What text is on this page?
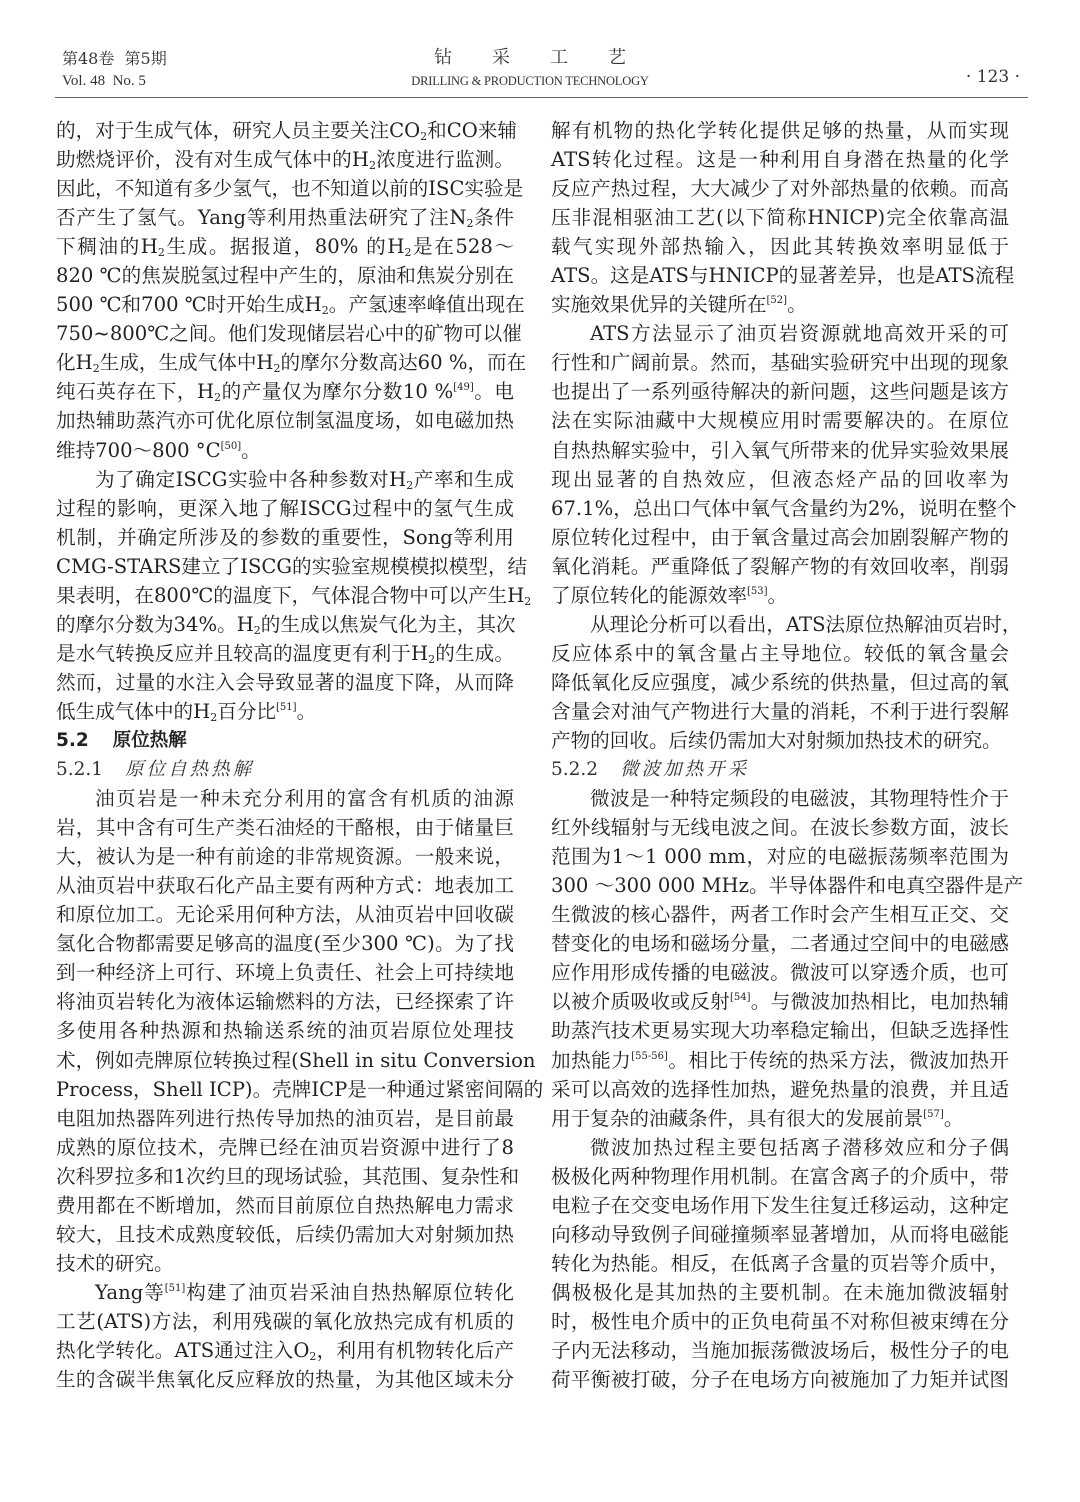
第48卷 第5期
Vol. 48 No. 5
钻采工艺
DRILLING & PRODUCTION TECHNOLOGY	· 123 ·
的，对于生成气体，研究人员主要关注$CO_2$和CO来辅
助燃烧评价，没有对生成气体中的$H_2$浓度进行监测。
因此，不知道有多少氢气，也不知道以前的ISC实验是
否产生了氢气。Yang等利用热重法研究了注$N_2$条件
下稠油的$H_2$生成。据报道，80% 的$H_2$是在528～
820 ℃的焦炭脱氢过程中产生的，原油和焦炭分别在
500 ℃和700 ℃时开始生成$H_2$。产氢速率峰值出现在
750~800℃之间。他们发现储层岩心中的矿物可以催
化$H_2$生成，生成气体中$H_2$的摩尔分数高达60 %，而在
纯石英存在下，$H_2$的产量仅为摩尔分数10 %[49]。电
加热辅助蒸汽亦可优化原位制氢温度场，如电磁加热
维持700～800 °C[50]。
为了确定ISCG实验中各种参数对$H_2$产率和生成
过程的影响，更深入地了解ISCG过程中的氢气生成
机制，并确定所涉及的参数的重要性，Song等利用
CMG-STARS建立了ISCG的实验室规模模拟模型，结
果表明，在800℃的温度下，气体混合物中可以产生$H_2$
的摩尔分数为34%。$H_2$的生成以焦炭气化为主，其次
是水气转换反应并且较高的温度更有利于$H_2$的生成。
然而，过量的水注入会导致显著的温度下降，从而降
低生成气体中的$H_2$百分比[51]。
5.2 原位热解
5.2.1 原位自热热解
油页岩是一种未充分利用的富含有机质的油源
岩，其中含有可生产类石油烃的干酪根，由于储量巨
大，被认为是一种有前途的非常规资源。一般来说，
从油页岩中获取石化产品主要有两种方式：地表加工
和原位加工。无论采用何种方法，从油页岩中回收碳
氢化合物都需要足够高的温度(至少300 ℃)。为了找
到一种经济上可行、环境上负责任、社会上可持续地
将油页岩转化为液体运输燃料的方法，已经探索了许
多使用各种热源和热输送系统的油页岩原位处理技
术，例如壳牌原位转换过程(Shell in situ Conversion
Process，Shell ICP)。壳牌ICP是一种通过紧密间隔的
电阻加热器阵列进行热传导加热的油页岩，是目前最
成熟的原位技术，壳牌已经在油页岩资源中进行了8
次科罗拉多和1次约旦的现场试验，其范围、复杂性和
费用都在不断增加，然而目前原位自热热解电力需求
较大，且技术成熟度较低，后续仍需加大对射频加热
技术的研究。
Yang等[51]构建了油页岩采油自热热解原位转化
工艺(ATS)方法，利用残碳的氧化放热完成有机质的
热化学转化。ATS通过注入$O_2$，利用有机物转化后产
生的含碳半焦氧化反应释放的热量，为其他区域未分
解有机物的热化学转化提供足够的热量，从而实现
ATS转化过程。这是一种利用自身潜在热量的化学
反应产热过程，大大减少了对外部热量的依赖。而高
压非混相驱油工艺(以下简称HNICP)完全依靠高温
载气实现外部热输入，因此其转换效率明显低于
ATS。这是ATS与HNICP的显著差异，也是ATS流程
实施效果优异的关键所在[52]。
ATS方法显示了油页岩资源就地高效开采的可
行性和广阔前景。然而，基础实验研究中出现的现象
也提出了一系列亟待解决的新问题，这些问题是该方
法在实际油藏中大规模应用时需要解决的。在原位
自热热解实验中，引入氧气所带来的优异实验效果展
现出显著的自热效应，但液态烃产品的回收率为
67.1%，总出口气体中氧气含量约为2%，说明在整个
原位转化过程中，由于氧含量过高会加剧裂解产物的
氧化消耗。严重降低了裂解产物的有效回收率，削弱
了原位转化的能源效率[53]。
从理论分析可以看出，ATS法原位热解油页岩时，
反应体系中的氧含量占主导地位。较低的氧含量会
降低氧化反应强度，减少系统的供热量，但过高的氧
含量会对油气产物进行大量的消耗，不利于进行裂解
产物的回收。后续仍需加大对射频加热技术的研究。
5.2.2 微波加热开采
微波是一种特定频段的电磁波，其物理特性介于
红外线辐射与无线电波之间。在波长参数方面，波长
范围为1～1 000 mm，对应的电磁振荡频率范围为
300 ～300 000 MHz。半导体器件和电真空器件是产
生微波的核心器件，两者工作时会产生相互正交、交
替变化的电场和磁场分量，二者通过空间中的电磁感
应作用形成传播的电磁波。微波可以穿透介质，也可
以被介质吸收或反射[54]。与微波加热相比，电加热辅
助蒸汽技术更易实现大功率稳定输出，但缺乏选择性
加热能力[55-56]。相比于传统的热采方法，微波加热开
采可以高效的选择性加热，避免热量的浪费，并且适
用于复杂的油藏条件，具有很大的发展前景[57]。
微波加热过程主要包括离子潜移效应和分子偶
极极化两种物理作用机制。在富含离子的介质中，带
电粒子在交变电场作用下发生往复迁移运动，这种定
向移动导致例子间碰撞频率显著增加，从而将电磁能
转化为热能。相反，在低离子含量的页岩等介质中，
偶极极化是其加热的主要机制。在未施加微波辐射
时，极性电介质中的正负电荷虽不对称但被束缚在分
子内无法移动，当施加振荡微波场后，极性分子的电
荷平衡被打破，分子在电场方向被施加了力矩并试图
